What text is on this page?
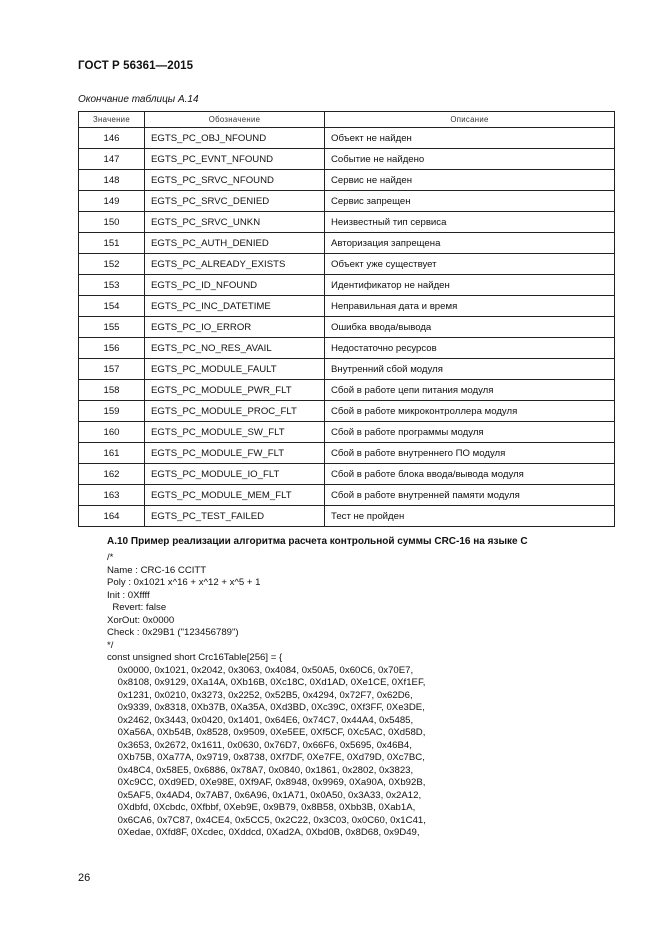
ГОСТ Р 56361—2015
Окончание таблицы А.14
Значение	Обозначение	Описание
146	EGTS_PC_OBJ_NFOUND	Объект не найден
147	EGTS_PC_EVNT_NFOUND	Событие не найдено
148	EGTS_PC_SRVC_NFOUND	Сервис не найден
149	EGTS_PC_SRVC_DENIED	Сервис запрещен
150	EGTS_PC_SRVC_UNKN	Неизвестный тип сервиса
151	EGTS_PC_AUTH_DENIED	Авторизация запрещена
152	EGTS_PC_ALREADY_EXISTS	Объект уже существует
153	EGTS_PC_ID_NFOUND	Идентификатор не найден
154	EGTS_PC_INC_DATETIME	Неправильная дата и время
155	EGTS_PC_IO_ERROR	Ошибка ввода/вывода
156	EGTS_PC_NO_RES_AVAIL	Недостаточно ресурсов
157	EGTS_PC_MODULE_FAULT	Внутренний сбой модуля
158	EGTS_PC_MODULE_PWR_FLT	Сбой в работе цепи питания модуля
159	EGTS_PC_MODULE_PROC_FLT	Сбой в работе микроконтроллера модуля
160	EGTS_PC_MODULE_SW_FLT	Сбой в работе программы модуля
161	EGTS_PC_MODULE_FW_FLT	Сбой в работе внутреннего ПО модуля
162	EGTS_PC_MODULE_IO_FLT	Сбой в работе блока ввода/вывода модуля
163	EGTS_PC_MODULE_MEM_FLT	Сбой в работе внутренней памяти модуля
164	EGTS_PC_TEST_FAILED	Тест не пройден
А.10 Пример реализации алгоритма расчета контрольной суммы CRC-16 на языке С
/*
Name : CRC-16 CCITT
Poly : 0x1021 x^16 + x^12 + x^5 + 1
Init : 0Xffff
Revert: false
XorOut: 0x0000
Check : 0x29B1 ("123456789")
*/
const unsigned short Crc16Table[256] = {
0x0000, 0x1021, 0x2042, 0x3063, 0x4084, 0x50A5, 0x60C6, 0x70E7,
0x8108, 0x9129, 0Xa14A, 0Xb16B, 0Xc18C, 0Xd1AD, 0Xe1CE, 0Xf1EF,
0x1231, 0x0210, 0x3273, 0x2252, 0x52B5, 0x4294, 0x72F7, 0x62D6,
0x9339, 0x8318, 0Xb37B, 0Xa35A, 0Xd3BD, 0Xc39C, 0Xf3FF, 0Xe3DE,
0x2462, 0x3443, 0x0420, 0x1401, 0x64E6, 0x74C7, 0x44A4, 0x5485,
0Xa56A, 0Xb54B, 0x8528, 0x9509, 0Xe5EE, 0Xf5CF, 0Xc5AC, 0Xd58D,
0x3653, 0x2672, 0x1611, 0x0630, 0x76D7, 0x66F6, 0x5695, 0x46B4,
0Xb75B, 0Xa77A, 0x9719, 0x8738, 0Xf7DF, 0Xe7FE, 0Xd79D, 0Xc7BC,
0x48C4, 0x58E5, 0x6886, 0x78A7, 0x0840, 0x1861, 0x2802, 0x3823,
0Xc9CC, 0Xd9ED, 0Xe98E, 0Xf9AF, 0x8948, 0x9969, 0Xa90A, 0Xb92B,
0x5AF5, 0x4AD4, 0x7AB7, 0x6A96, 0x1A71, 0x0A50, 0x3A33, 0x2A12,
0Xdbfd, 0Xcbdc, 0Xfbbf, 0Xeb9E, 0x9B79, 0x8B58, 0Xbb3B, 0Xab1A,
0x6CA6, 0x7C87, 0x4CE4, 0x5CC5, 0x2C22, 0x3C03, 0x0C60, 0x1C41,
0Xedae, 0Xfd8F, 0Xcdec, 0Xddcd, 0Xad2A, 0Xbd0B, 0x8D68, 0x9D49,
26
